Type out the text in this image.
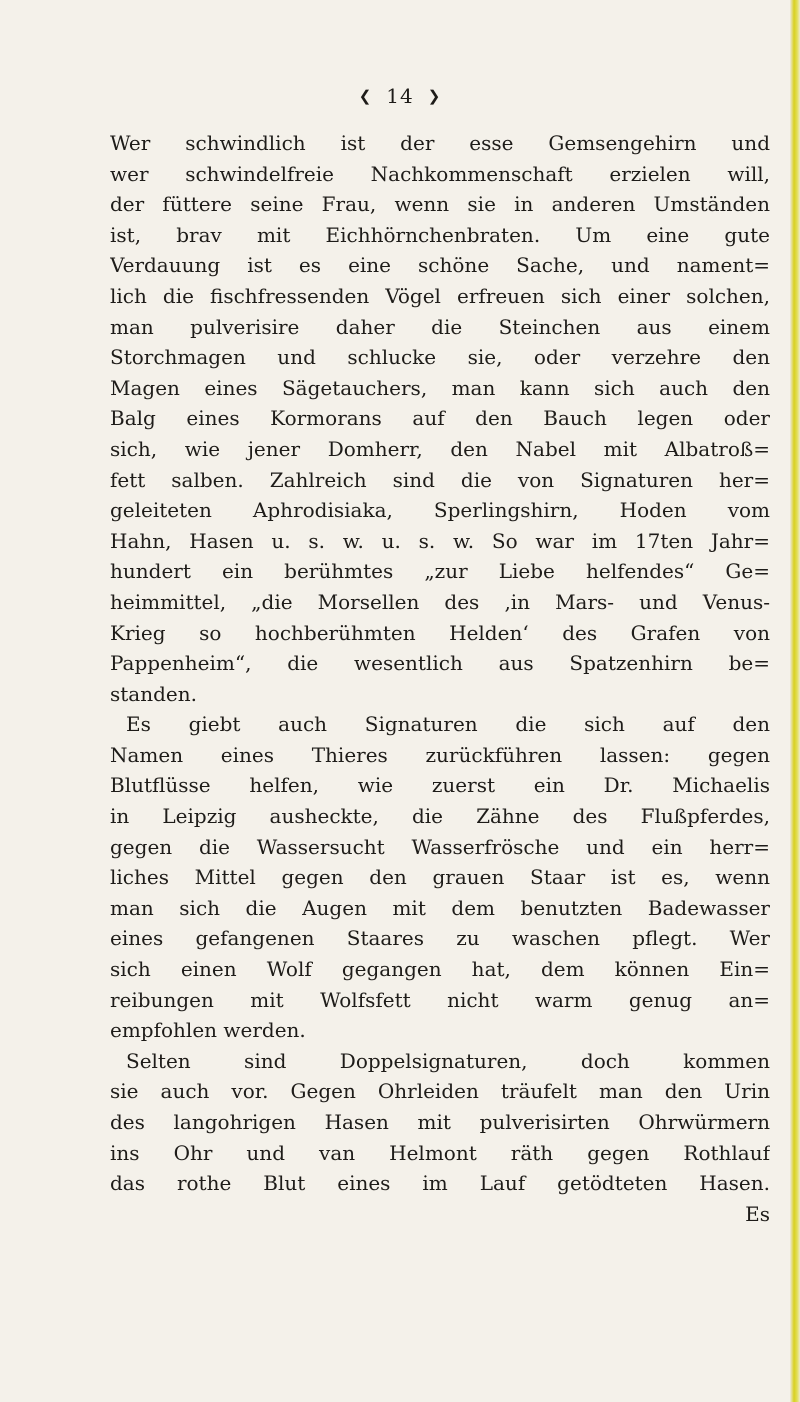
❮ 14 ❯
Wer schwindlich ist der esse Gemsengehirn und
wer schwindelfreie Nachkommenschaft erzielen will,
der füttere seine Frau, wenn sie in anderen Umständen
ist, brav mit Eichhörnchenbraten. Um eine gute
Verdauung ist es eine schöne Sache, und nament=
lich die fischfressenden Vögel erfreuen sich einer solchen,
man pulverisire daher die Steinchen aus einem
Storchmagen und schlucke sie, oder verzehre den
Magen eines Sägetauchers, man kann sich auch den
Balg eines Kormorans auf den Bauch legen oder
sich, wie jener Domherr, den Nabel mit Albatroß=
fett salben. Zahlreich sind die von Signaturen her=
geleiteten Aphrodisiaka, Sperlingshirn, Hoden vom
Hahn, Hasen u. s. w. u. s. w. So war im 17ten Jahr=
hundert ein berühmtes „zur Liebe helfendes“ Ge=
heimmittel, „die Morsellen des ‚in Mars- und Venus-
Krieg so hochberühmten Helden‘ des Grafen von
Pappenheim“, die wesentlich aus Spatzenhirn be=
standen.
Es giebt auch Signaturen die sich auf den
Namen eines Thieres zurückführen lassen: gegen
Blutflüsse helfen, wie zuerst ein Dr. Michaelis
in Leipzig ausheckte, die Zähne des Flußpferdes,
gegen die Wassersucht Wasserfrösche und ein herr=
liches Mittel gegen den grauen Staar ist es, wenn
man sich die Augen mit dem benutzten Badewasser
eines gefangenen Staares zu waschen pflegt. Wer
sich einen Wolf gegangen hat, dem können Ein=
reibungen mit Wolfsfett nicht warm genug an=
empfohlen werden.
Selten sind Doppelsignaturen, doch kommen
sie auch vor. Gegen Ohrleiden träufelt man den Urin
des langohrigen Hasen mit pulverisirten Ohrwürmern
ins Ohr und van Helmont räth gegen Rothlauf
das rothe Blut eines im Lauf getödteten Hasen.
Es
